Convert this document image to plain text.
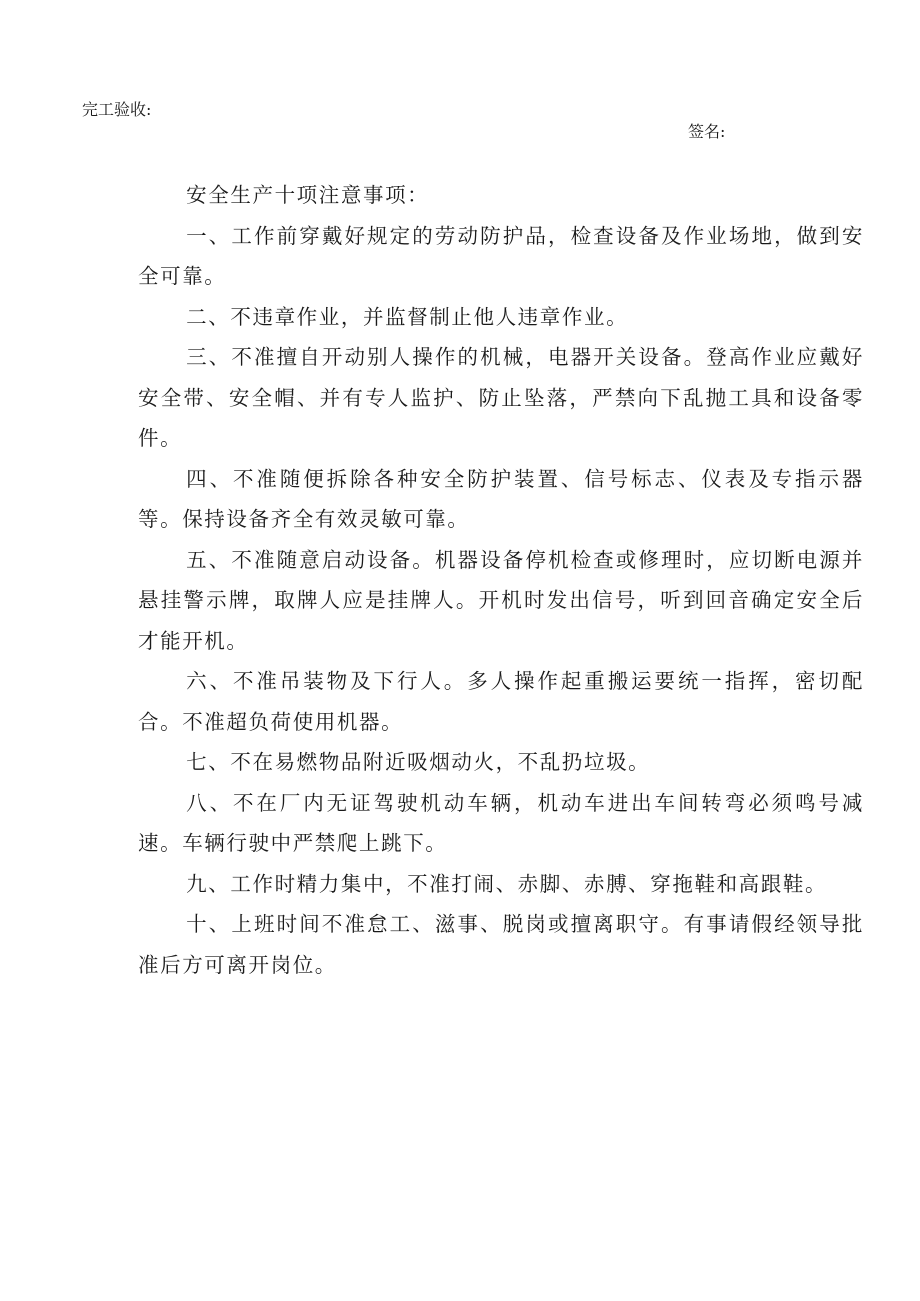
完工验收:
签名:

安全生产十项注意事项：

一、工作前穿戴好规定的劳动防护品，检查设备及作业场地，做到安全可靠。

二、不违章作业，并监督制止他人违章作业。

三、不准擅自开动别人操作的机械，电器开关设备。登高作业应戴好安全带、安全帽、并有专人监护、防止坠落，严禁向下乱抛工具和设备零件。

四、不准随便拆除各种安全防护装置、信号标志、仪表及专指示器等。保持设备齐全有效灵敏可靠。

五、不准随意启动设备。机器设备停机检查或修理时，应切断电源并悬挂警示牌，取牌人应是挂牌人。开机时发出信号，听到回音确定安全后才能开机。

六、不准吊装物及下行人。多人操作起重搬运要统一指挥，密切配合。不准超负荷使用机器。

七、不在易燃物品附近吸烟动火，不乱扔垃圾。

八、不在厂内无证驾驶机动车辆，机动车进出车间转弯必须鸣号减速。车辆行驶中严禁爬上跳下。

九、工作时精力集中，不准打闹、赤脚、赤膊、穿拖鞋和高跟鞋。

十、上班时间不准怠工、滋事、脱岗或擅离职守。有事请假经领导批准后方可离开岗位。
